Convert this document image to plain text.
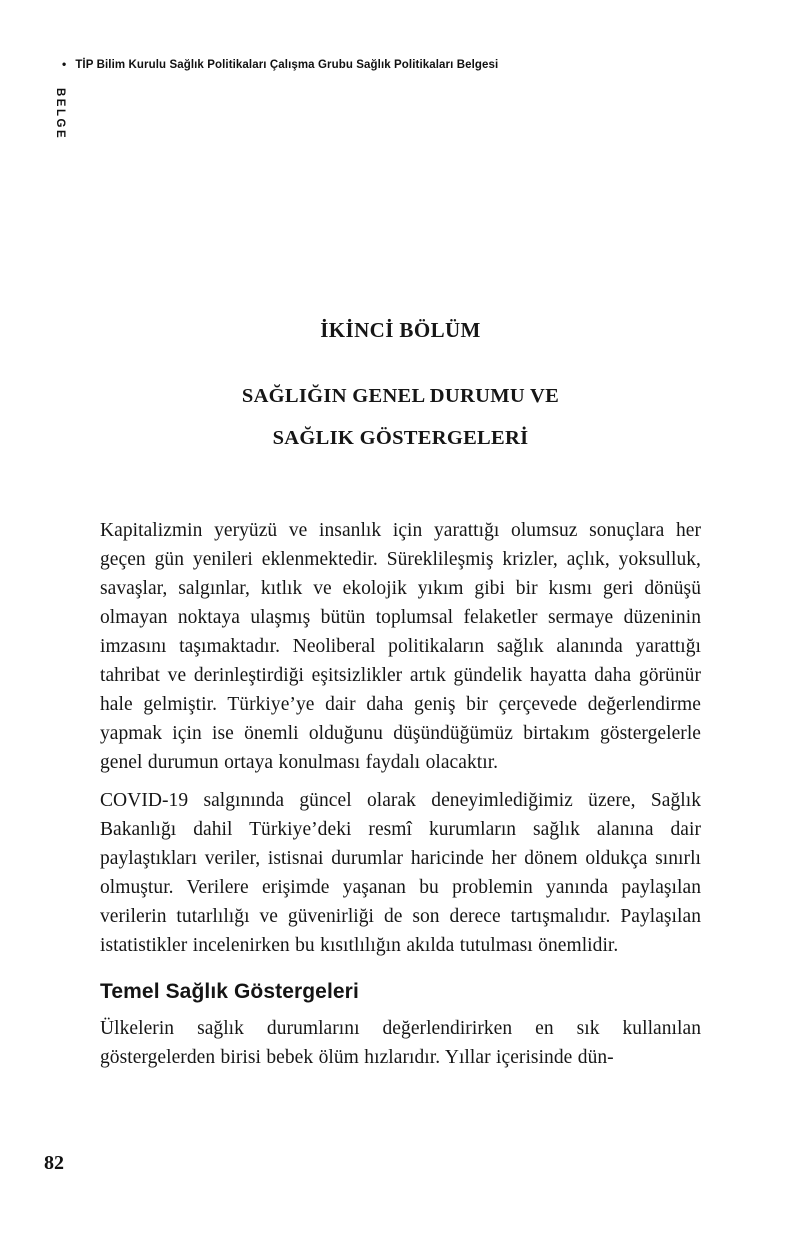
• TİP Bilim Kurulu Sağlık Politikaları Çalışma Grubu Sağlık Politikaları Belgesi
BELGE
İKİNCİ BÖLÜM
SAĞLIĞIN GENEL DURUMU VE
SAĞLIK GÖSTERGELERİ

Kapitalizmin yeryüzü ve insanlık için yarattığı olumsuz sonuçlara her geçen gün yenileri eklenmektedir. Süreklileşmiş krizler, açlık, yoksulluk, savaşlar, salgınlar, kıtlık ve ekolojik yıkım gibi bir kısmı geri dönüşü olmayan noktaya ulaşmış bütün toplumsal felaketler sermaye düzeninin imzasını taşımaktadır. Neoliberal politikaların sağlık alanında yarattığı tahribat ve derinleştirdiği eşitsizlikler artık gündelik hayatta daha görünür hale gelmiştir. Türkiye’ye dair daha geniş bir çerçevede değerlendirme yapmak için ise önemli olduğunu düşündüğümüz birtakım göstergelerle genel durumun ortaya konulması faydalı olacaktır.

COVID-19 salgınında güncel olarak deneyimlediğimiz üzere, Sağlık Bakanlığı dahil Türkiye’deki resmî kurumların sağlık alanına dair paylaştıkları veriler, istisnai durumlar haricinde her dönem oldukça sınırlı olmuştur. Verilere erişimde yaşanan bu problemin yanında paylaşılan verilerin tutarlılığı ve güvenirliği de son derece tartışmalıdır. Paylaşılan istatistikler incelenirken bu kısıtlılığın akılda tutulması önemlidir.

Temel Sağlık Göstergeleri

Ülkelerin sağlık durumlarını değerlendirirken en sık kullanılan göstergelerden birisi bebek ölüm hızlarıdır. Yıllar içerisinde dün-

82
